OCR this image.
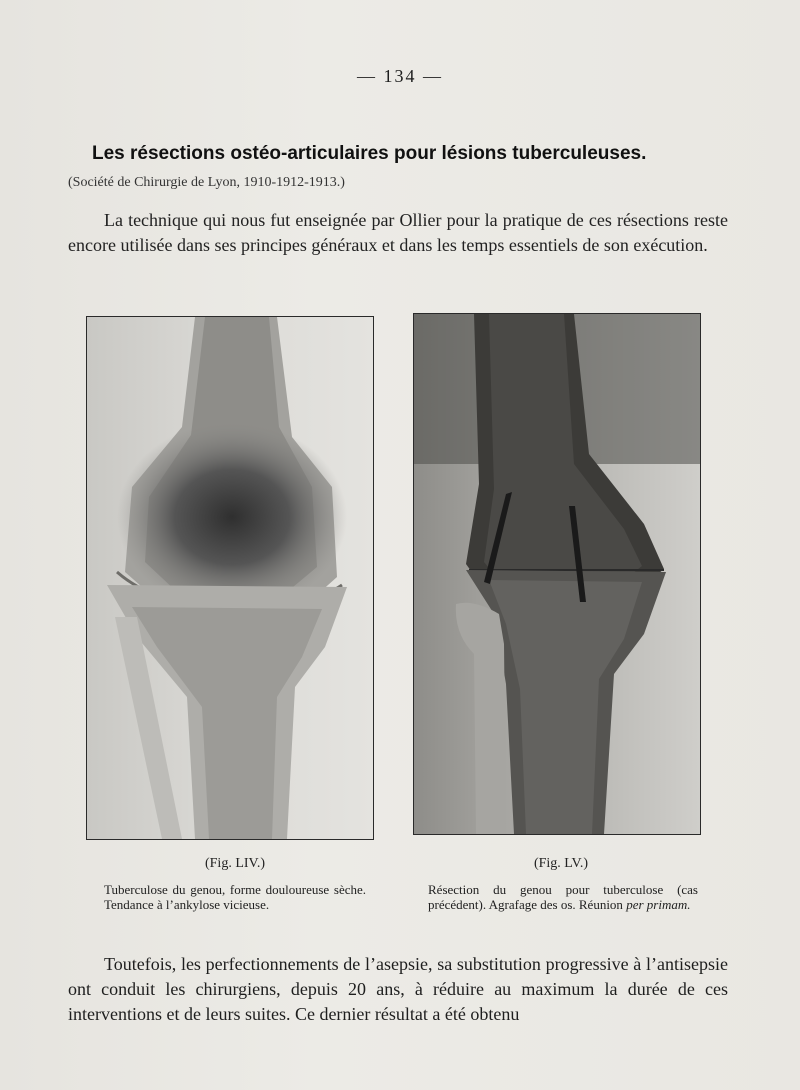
— 134 —
Les résections ostéo-articulaires pour lésions tuberculeuses.
(Société de Chirurgie de Lyon, 1910-1912-1913.)
La technique qui nous fut enseignée par Ollier pour la pratique de ces résections reste encore utilisée dans ses principes généraux et dans les temps essentiels de son exécution.
(Fig. LIV.)
Tuberculose du genou, forme douloureuse sèche. Tendance à l’ankylose vicieuse.
(Fig. LV.)
Résection du genou pour tuberculose (cas précédent). Agrafage des os. Réunion per primam.
Toutefois, les perfectionnements de l’asepsie, sa substitution progressive à l’antisepsie ont conduit les chirurgiens, depuis 20 ans, à réduire au maximum la durée de ces interventions et de leurs suites. Ce dernier résultat a été obtenu
